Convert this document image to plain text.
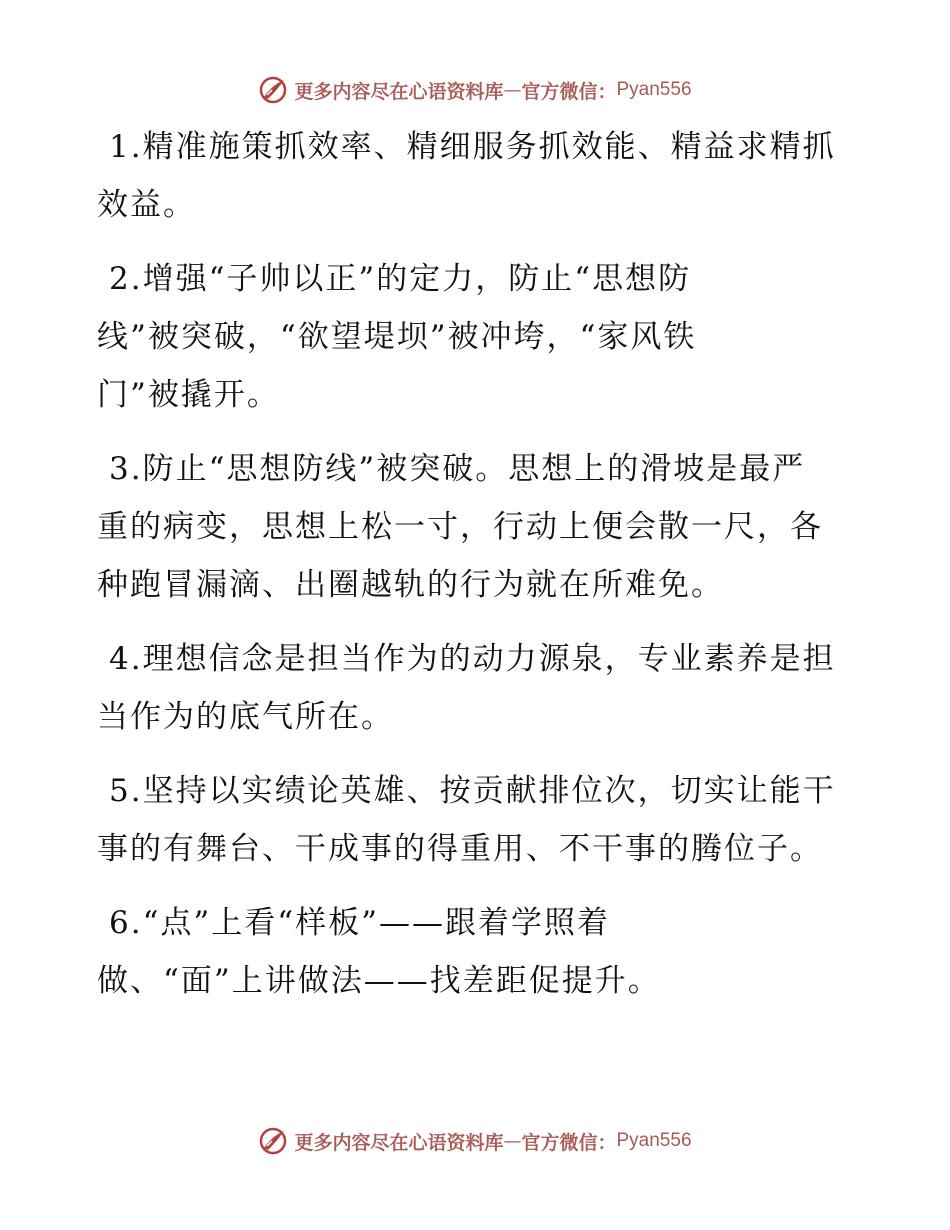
更多内容尽在心语资料库 — 官方微信： Pyan556

1.精准施策抓效率、精细服务抓效能、精益求精抓效益。

2.增强“子帅以正”的定力，防止“思想防线”被突破，“欲望堤坝”被冲垮，“家风铁门”被撬开。

3.防止“思想防线”被突破。思想上的滑坡是最严重的病变，思想上松一寸，行动上便会散一尺，各种跑冒漏滴、出圈越轨的行为就在所难免。

4.理想信念是担当作为的动力源泉，专业素养是担当作为的底气所在。

5.坚持以实绩论英雄、按贡献排位次，切实让能干事的有舞台、干成事的得重用、不干事的腾位子。

6.“点”上看“样板”——跟着学照着做、“面”上讲做法——找差距促提升。

更多内容尽在心语资料库 — 官方微信： Pyan556
